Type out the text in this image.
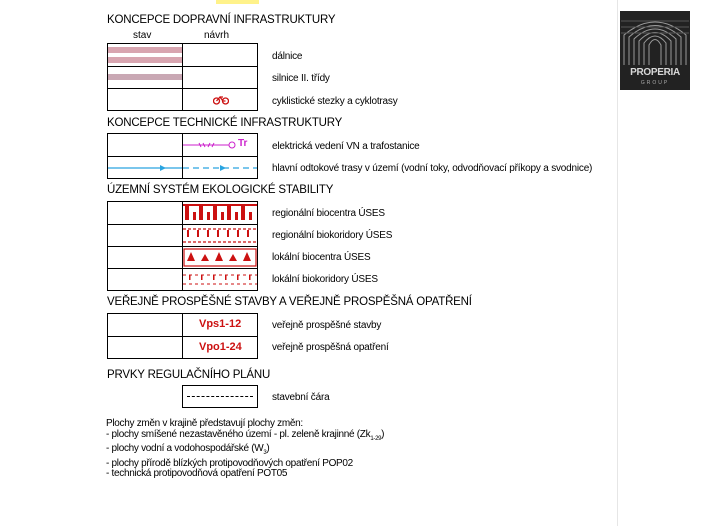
PROPERIA
GROUP
KONCEPCE DOPRAVNÍ INFRASTRUKTURY
stav	návrh
dálnice
silnice II. třídy
cyklistické stezky a cyklotrasy
KONCEPCE TECHNICKÉ INFRASTRUKTURY
Tr elektrická vedení VN a trafostanice
hlavní odtokové trasy v území (vodní toky, odvodňovací příkopy a svodnice)
ÚZEMNÍ SYSTÉM EKOLOGICKÉ STABILITY
regionální biocentra ÚSES
regionální biokoridory ÚSES
lokální biocentra ÚSES
lokální biokoridory ÚSES
VEŘEJNĚ PROSPĚŠNÉ STAVBY A VEŘEJNĚ PROSPĚŠNÁ OPATŘENÍ
Vps1-12	veřejně prospěšné stavby
Vpo1-24	veřejně prospěšná opatření
PRVKY REGULAČNÍHO PLÁNU
stavební čára
Plochy změn v krajině představují plochy změn:
- plochy smíšené nezastavěného území - pl. zeleně krajinné $(Zk_{1-29})$
- plochy vodní a vodohospodářské $(W_3)$
- plochy přírodě blízkých protipovodňových opatření POP02
- technická protipovodňová opatření POT05
